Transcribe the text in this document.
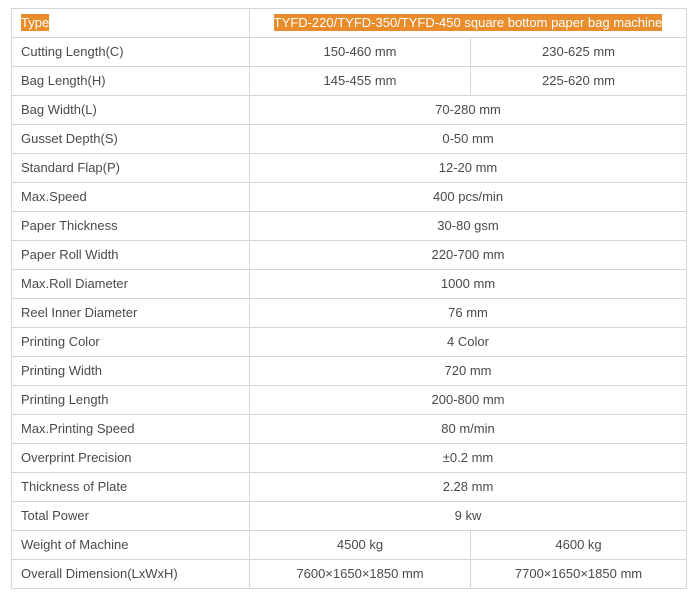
Type	TYFD-220/TYFD-350/TYFD-450 square bottom paper bag machine	
Cutting Length(C)	150-460 mm	230-625 mm
Bag Length(H)	145-455 mm	225-620 mm
Bag Width(L)	70-280 mm	
Gusset Depth(S)	0-50 mm	
Standard Flap(P)	12-20 mm	
Max.Speed	400 pcs/min	
Paper Thickness	30-80 gsm	
Paper Roll Width	220-700 mm	
Max.Roll Diameter	1000 mm	
Reel Inner Diameter	76 mm	
Printing Color	4 Color	
Printing Width	720 mm	
Printing Length	200-800 mm	
Max.Printing Speed	80 m/min	
Overprint Precision	±0.2 mm	
Thickness of Plate	2.28 mm	
Total Power	9 kw	
Weight of Machine	4500 kg	4600 kg
Overall Dimension(LxWxH)	7600×1650×1850 mm	7700×1650×1850 mm
